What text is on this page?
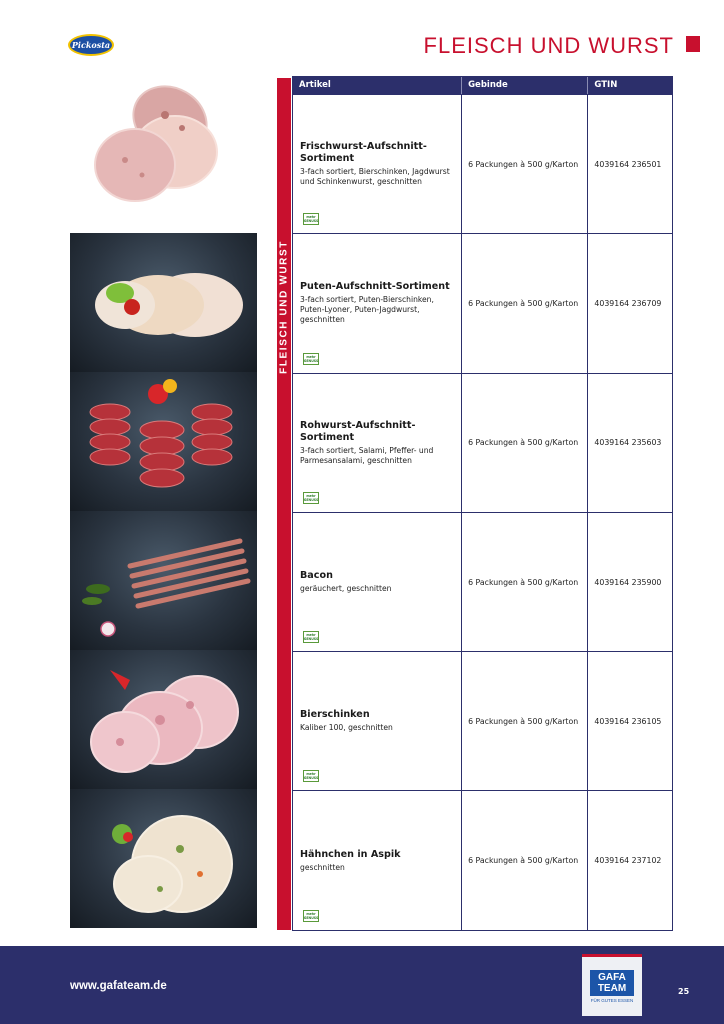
Pickosta	FLEISCH UND WURST
FLEISCH UND WURST
Artikel	Gebinde	GTIN
Frischwurst-Aufschnitt-Sortiment
3-fach sortiert, Bierschinken, Jagdwurst und Schinkenwurst, geschnitten
mehr
GENUSS
6 Packungen à 500 g/Karton	4039164 236501
Puten-Aufschnitt-Sortiment
3-fach sortiert, Puten-Bierschinken, Puten-Lyoner, Puten-Jagdwurst, geschnitten
mehr
GENUSS
6 Packungen à 500 g/Karton	4039164 236709
Rohwurst-Aufschnitt-Sortiment
3-fach sortiert, Salami, Pfeffer- und Parmesansalami, geschnitten
mehr
GENUSS
6 Packungen à 500 g/Karton	4039164 235603
Bacon
geräuchert, geschnitten
mehr
GENUSS
6 Packungen à 500 g/Karton	4039164 235900
Bierschinken
Kaliber 100, geschnitten
mehr
GENUSS
6 Packungen à 500 g/Karton	4039164 236105
Hähnchen in Aspik
geschnitten
mehr
GENUSS
6 Packungen à 500 g/Karton	4039164 237102
www.gafateam.de
GAFA
TEAM
FÜR GUTES ESSEN
25
